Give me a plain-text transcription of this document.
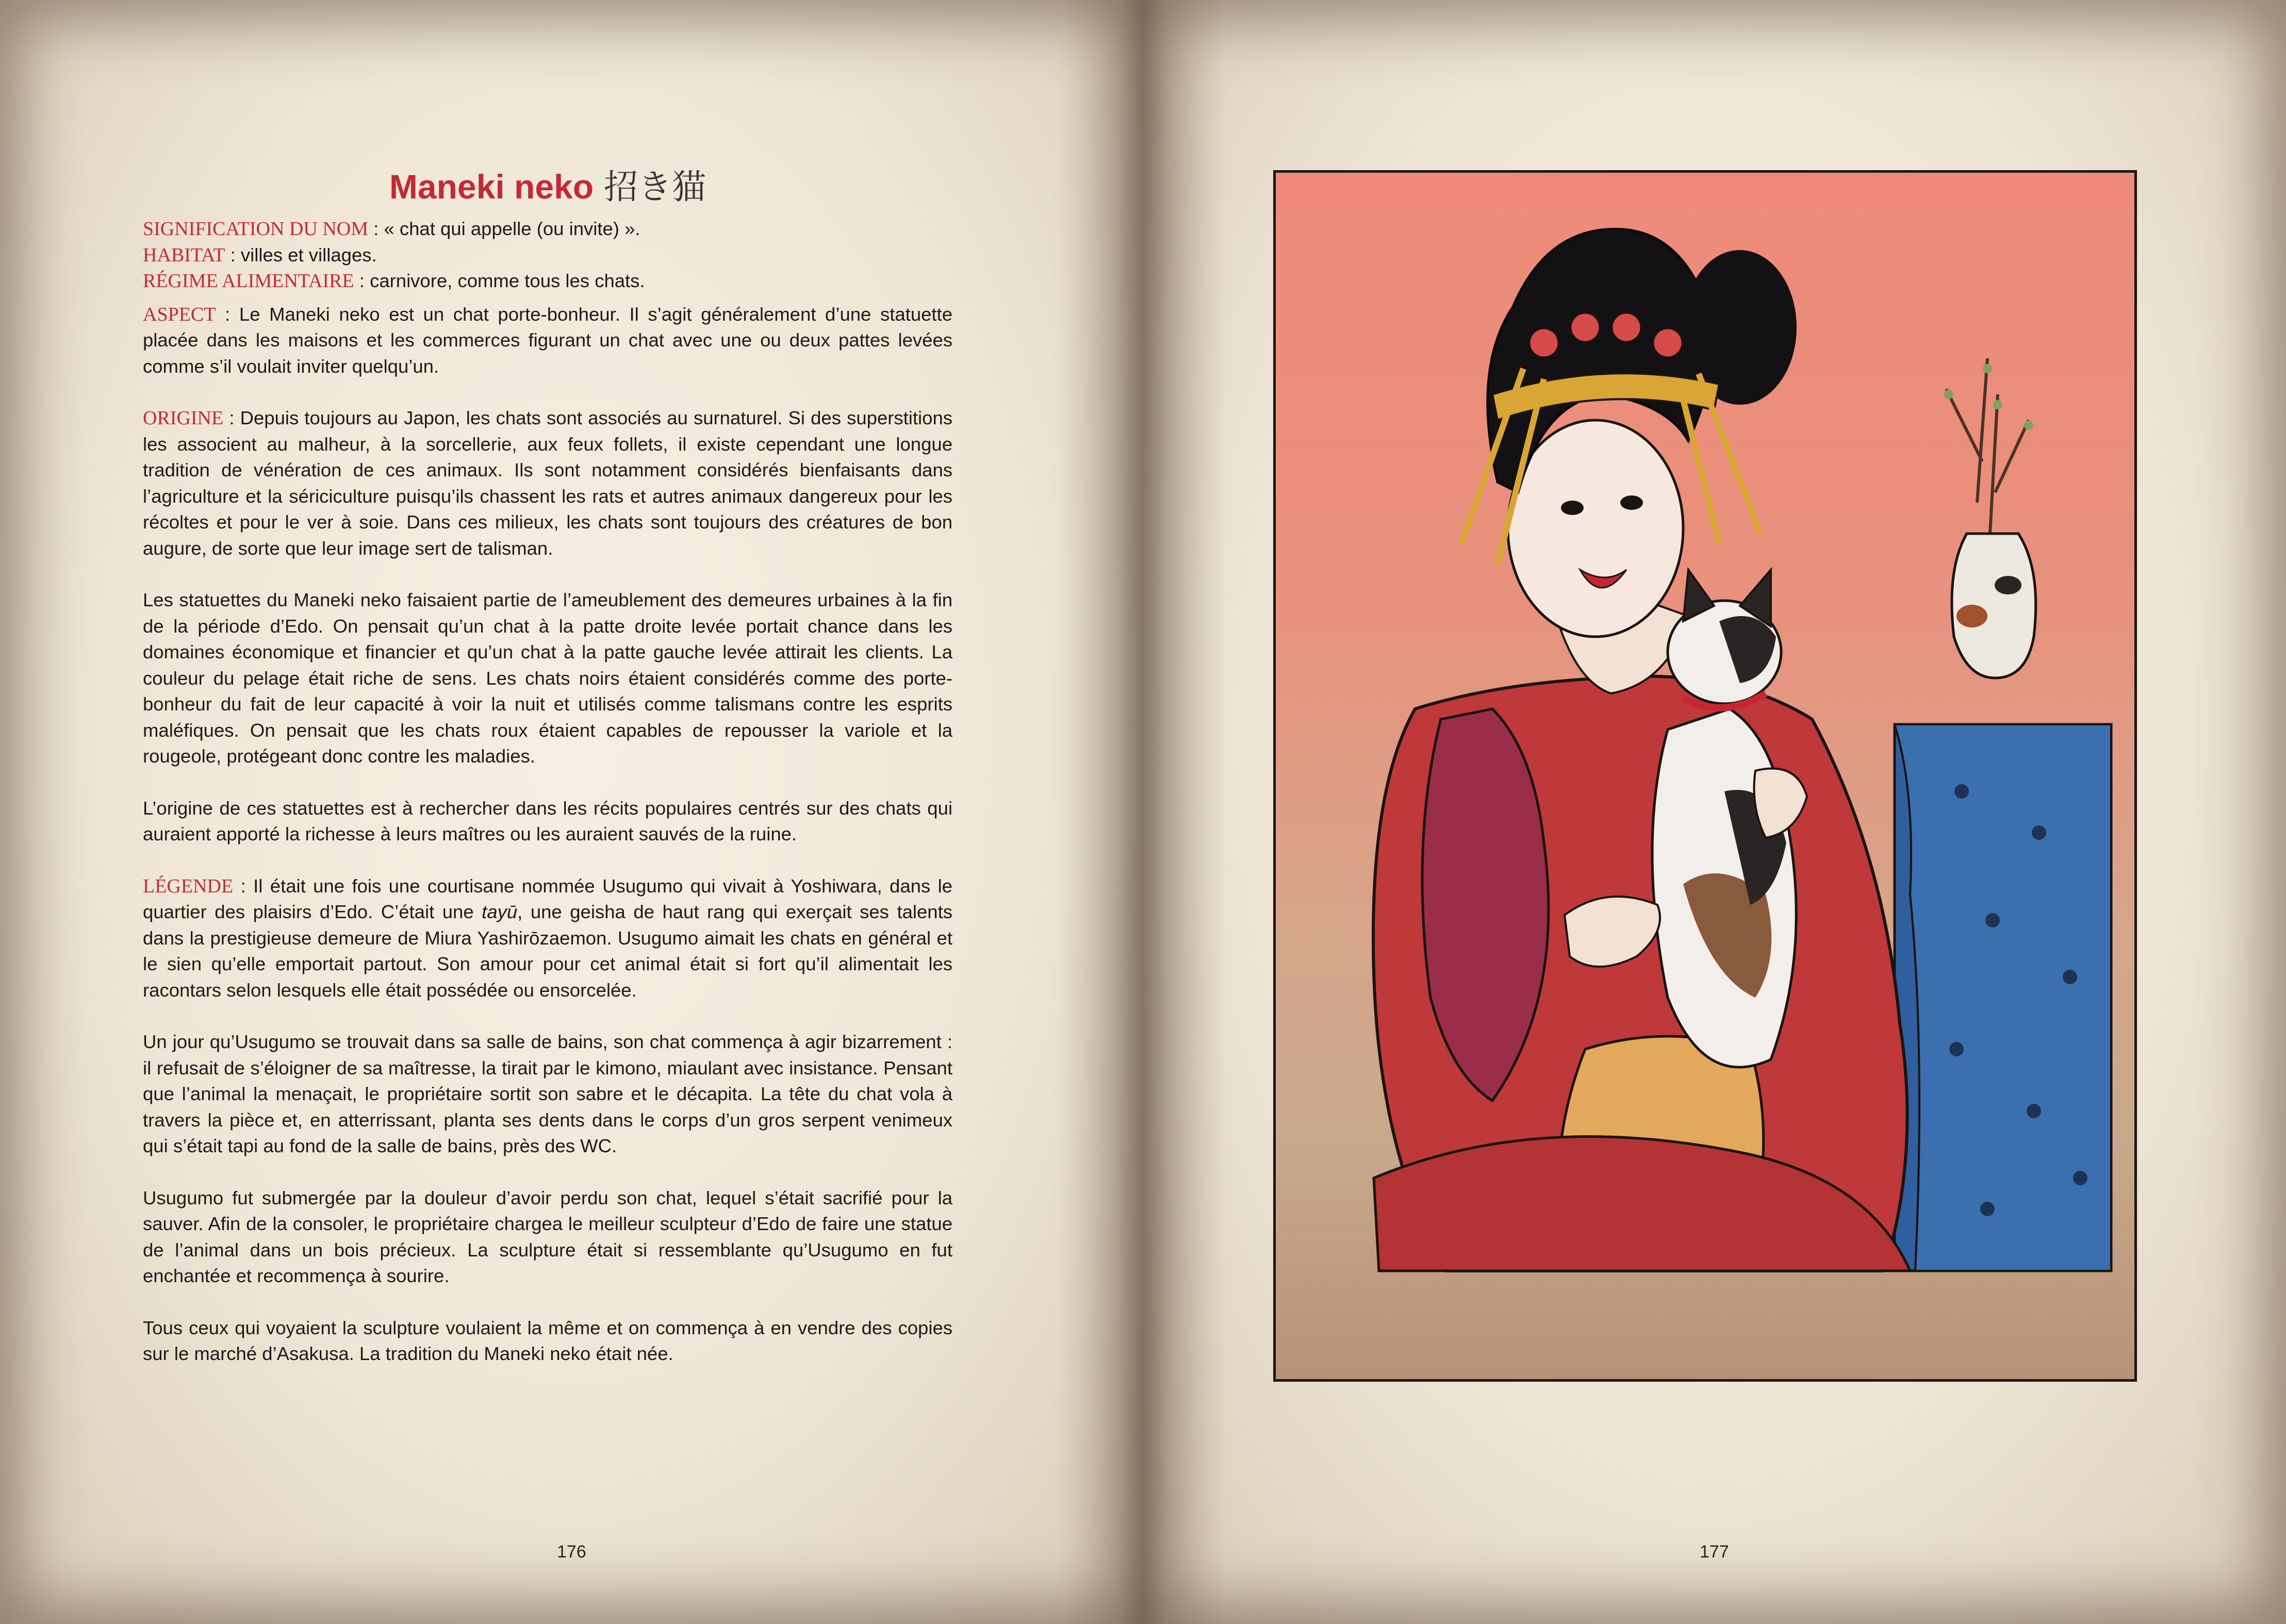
Maneki neko 招き猫
SIGNIFICATION DU NOM : « chat qui appelle (ou invite) ».
HABITAT : villes et villages.
RÉGIME ALIMENTAIRE : carnivore, comme tous les chats.

ASPECT : Le Maneki neko est un chat porte-bonheur. Il s’agit généralement d’une statuette placée dans les maisons et les commerces figurant un chat avec une ou deux pattes levées comme s’il voulait inviter quelqu’un.

ORIGINE : Depuis toujours au Japon, les chats sont associés au surnaturel. Si des superstitions les associent au malheur, à la sorcellerie, aux feux follets, il existe cependant une longue tradition de vénération de ces animaux. Ils sont notamment considérés bienfaisants dans l’agriculture et la sériciculture puisqu’ils chassent les rats et autres animaux dangereux pour les récoltes et pour le ver à soie. Dans ces milieux, les chats sont toujours des créatures de bon augure, de sorte que leur image sert de talisman.

Les statuettes du Maneki neko faisaient partie de l’ameublement des demeures urbaines à la fin de la période d’Edo. On pensait qu’un chat à la patte droite levée portait chance dans les domaines économique et financier et qu’un chat à la patte gauche levée attirait les clients. La couleur du pelage était riche de sens. Les chats noirs étaient considérés comme des porte-bonheur du fait de leur capacité à voir la nuit et utilisés comme talismans contre les esprits maléfiques. On pensait que les chats roux étaient capables de repousser la variole et la rougeole, protégeant donc contre les maladies.

L’origine de ces statuettes est à rechercher dans les récits populaires centrés sur des chats qui auraient apporté la richesse à leurs maîtres ou les auraient sauvés de la ruine.

LÉGENDE : Il était une fois une courtisane nommée Usugumo qui vivait à Yoshiwara, dans le quartier des plaisirs d’Edo. C’était une tayū, une geisha de haut rang qui exerçait ses talents dans la prestigieuse demeure de Miura Yashirōzaemon. Usugumo aimait les chats en général et le sien qu’elle emportait partout. Son amour pour cet animal était si fort qu’il alimentait les racontars selon lesquels elle était possédée ou ensorcelée.

Un jour qu’Usugumo se trouvait dans sa salle de bains, son chat commença à agir bizarrement : il refusait de s’éloigner de sa maîtresse, la tirait par le kimono, miaulant avec insistance. Pensant que l’animal la menaçait, le propriétaire sortit son sabre et le décapita. La tête du chat vola à travers la pièce et, en atterrissant, planta ses dents dans le corps d’un gros serpent venimeux qui s’était tapi au fond de la salle de bains, près des WC.

Usugumo fut submergée par la douleur d’avoir perdu son chat, lequel s’était sacrifié pour la sauver. Afin de la consoler, le propriétaire chargea le meilleur sculpteur d’Edo de faire une statue de l’animal dans un bois précieux. La sculpture était si ressemblante qu’Usugumo en fut enchantée et recommença à sourire.

Tous ceux qui voyaient la sculpture voulaient la même et on commença à en vendre des copies sur le marché d’Asakusa. La tradition du Maneki neko était née.

176	177
